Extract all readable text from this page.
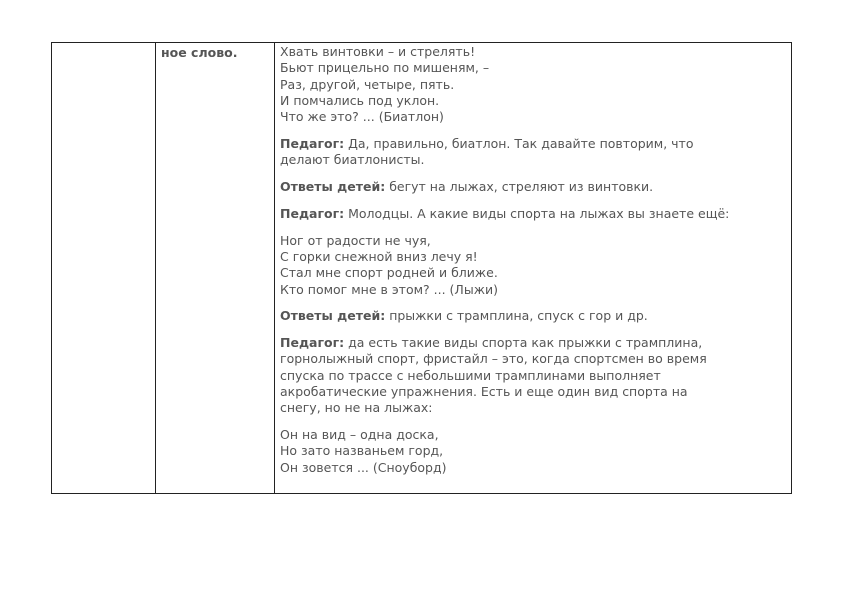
ное слово.	Хвать винтовки – и стрелять!
Бьют прицельно по мишеням, –
Раз, другой, четыре, пять.
И помчались под уклон.
Что же это? ... (Биатлон)
Педагог: Да, правильно, биатлон. Так давайте повторим, что
делают биатлонисты.
Ответы детей: бегут на лыжах, стреляют из винтовки.
Педагог: Молодцы. А какие виды спорта на лыжах вы знаете ещё:
Ног от радости не чуя,
С горки снежной вниз лечу я!
Стал мне спорт родней и ближе.
Кто помог мне в этом? ... (Лыжи)
Ответы детей: прыжки с трамплина, спуск с гор и др.
Педагог: да есть такие виды спорта как прыжки с трамплина,
горнолыжный спорт, фристайл – это, когда спортсмен во время
спуска по трассе с небольшими трамплинами выполняет
акробатические упражнения. Есть и еще один вид спорта на
снегу, но не на лыжах:
Он на вид – одна доска,
Но зато названьем горд,
Он зовется ... (Сноуборд)
